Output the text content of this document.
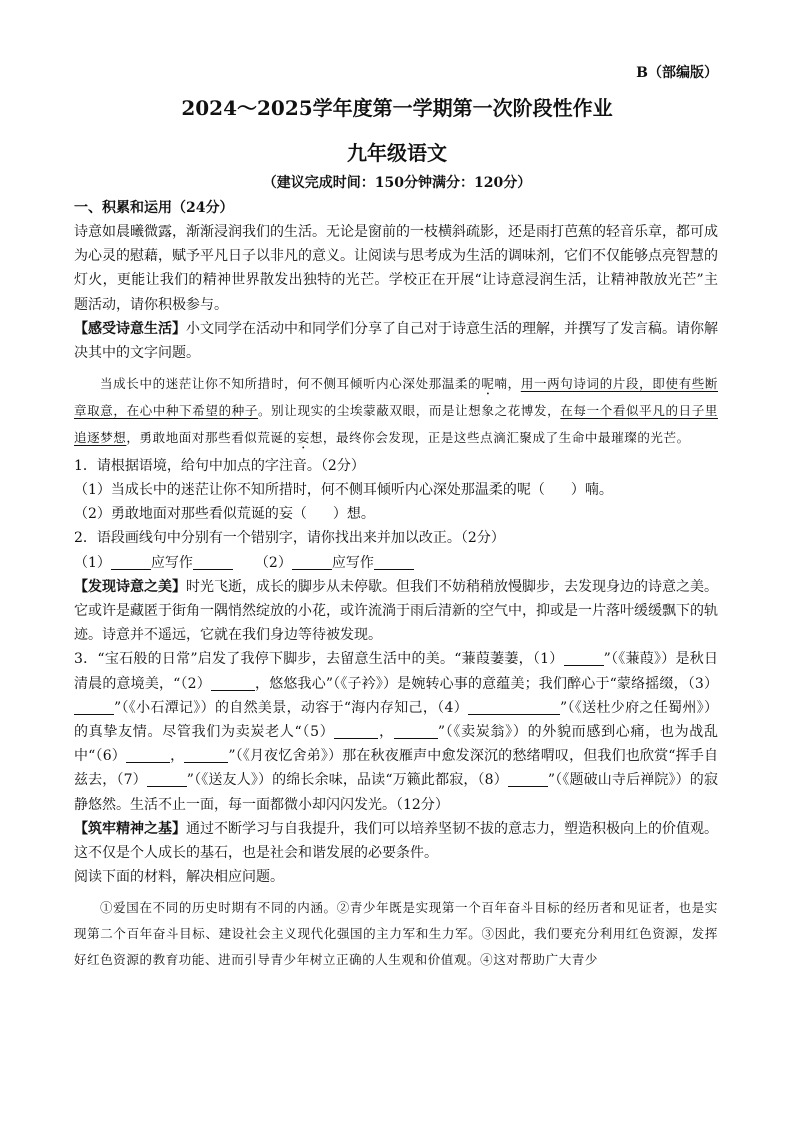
B（部编版）
2024～2025学年度第一学期第一次阶段性作业
九年级语文
（建议完成时间：150分钟满分：120分）

一、积累和运用（24分）

诗意如晨曦微露，渐渐浸润我们的生活。无论是窗前的一枝横斜疏影，还是雨打芭蕉的轻音乐章，都可成为心灵的慰藉，赋予平凡日子以非凡的意义。让阅读与思考成为生活的调味剂，它们不仅能够点亮智慧的灯火，更能让我们的精神世界散发出独特的光芒。学校正在开展“让诗意浸润生活，让精神散放光芒”主题活动，请你积极参与。

【感受诗意生活】小文同学在活动中和同学们分享了自己对于诗意生活的理解，并撰写了发言稿。请你解决其中的文字问题。

当成长中的迷茫让你不知所措时，何不侧耳倾听内心深处那温柔的呢喃，用一两句诗词的片段，即使有些断章取意，在心中种下希望的种子。别让现实的尘埃蒙蔽双眼，而是让想象之花博发，在每一个看似平凡的日子里追逐梦想，勇敢地面对那些看似荒诞的妄想，最终你会发现，正是这些点滴汇聚成了生命中最璀璨的光芒。

1．请根据语境，给句中加点的字注音。（2分）

（1）当成长中的迷茫让你不知所措时，何不侧耳倾听内心深处那温柔的呢（ ）喃。

（2）勇敢地面对那些看似荒诞的妄（ ）想。

2．语段画线句中分别有一个错别字，请你找出来并加以改正。（2分）

（1）	应写作	（2）	应写作

【发现诗意之美】时光飞逝，成长的脚步从未停歇。但我们不妨稍稍放慢脚步，去发现身边的诗意之美。它或许是藏匿于街角一隅悄然绽放的小花，或许流淌于雨后清新的空气中，抑或是一片落叶缓缓飘下的轨迹。诗意并不遥远，它就在我们身边等待被发现。

3．“宝石般的日常”启发了我停下脚步，去留意生活中的美。“蒹葭萋萋，（1）	”（《蒹葭》）是秋日清晨的意境美，“（2）	，悠悠我心”（《子衿》）是婉转心事的意蕴美；我们醉心于“蒙络摇缀，（3）”（《小石潭记》）的自然美景，动容于“海内存知己，（4）	”（《送杜少府之任蜀州》）的真挚友情。尽管我们为卖炭老人“（5）	，	”（《卖炭翁》）的外貌而感到心痛，也为战乱中“（6）	，	”（《月夜忆舍弟》）那在秋夜雁声中愈发深沉的愁绪喟叹，但我们也欣赏“挥手自兹去，（7）	”（《送友人》）的绵长余味，品读“万籁此都寂，（8）	”（《题破山寺后禅院》）的寂静悠然。生活不止一面，每一面都微小却闪闪发光。（12分）

【筑牢精神之基】通过不断学习与自我提升，我们可以培养坚韧不拔的意志力，塑造积极向上的价值观。这不仅是个人成长的基石，也是社会和谐发展的必要条件。

阅读下面的材料，解决相应问题。

①爱国在不同的历史时期有不同的内涵。②青少年既是实现第一个百年奋斗目标的经历者和见证者，也是实现第二个百年奋斗目标、建设社会主义现代化强国的主力军和生力军。③因此，我们要充分利用红色资源，发挥好红色资源的教育功能、进而引导青少年树立正确的人生观和价值观。④这对帮助广大青少
